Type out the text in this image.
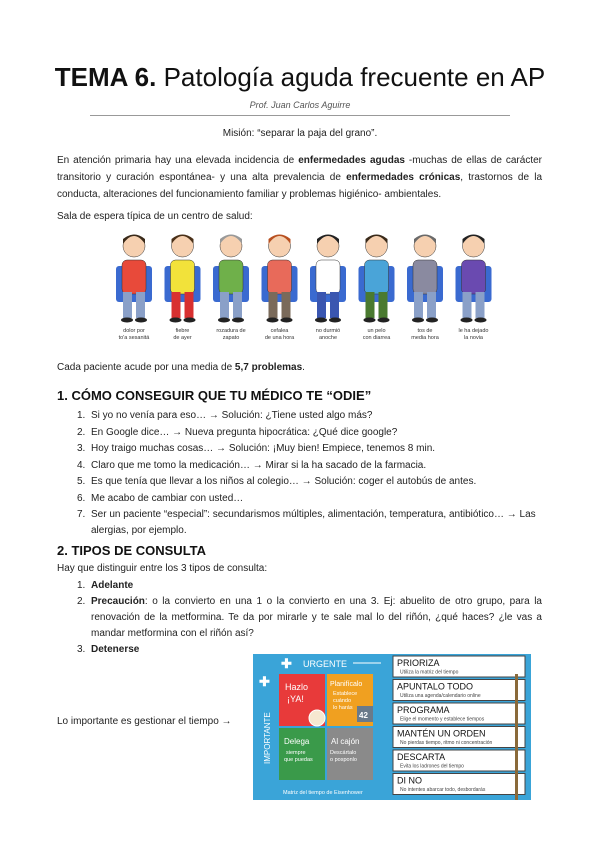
TEMA 6. Patología aguda frecuente en AP
Prof. Juan Carlos Aguirre
Misión: “separar la paja del grano”.
En atención primaria hay una elevada incidencia de enfermedades agudas -muchas de ellas de carácter transitorio y curación espontánea- y una alta prevalencia de enfermedades crónicas, trastornos de la conducta, alteraciones del funcionamiento familiar y problemas higiénico- ambientales.
Sala de espera típica de un centro de salud:
dolor por
to'a sesanitá
fiebre
de ayer
rozadura de
zapato
cefalea
de una hora
no durmió
anoche
un pelo
con diarrea
tos de
media hora
le ha dejado
la novia
Cada paciente acude por una media de 5,7 problemas.
1. CÓMO CONSEGUIR QUE TU MÉDICO TE “ODIE”
1. Si yo no venía para eso… → Solución: ¿Tiene usted algo más?
2. En Google dice… → Nueva pregunta hipocrática: ¿Qué dice google?
3. Hoy traigo muchas cosas… → Solución: ¡Muy bien! Empiece, tenemos 8 min.
4. Claro que me tomo la medicación… → Mirar si la ha sacado de la farmacia.
5. Es que tenía que llevar a los niños al colegio… → Solución: coger el autobús de antes.
6. Me acabo de cambiar con usted…
7. Ser un paciente “especial”: secundarismos múltiples, alimentación, temperatura, antibiótico… → Las alergias, por ejemplo.
2. TIPOS DE CONSULTA
Hay que distinguir entre los 3 tipos de consulta:
1. Adelante
2. Precaución: o la convierto en una 1 o la convierto en una 3. Ej: abuelito de otro grupo, para la renovación de la metformina. Te da por mirarle y te sale mal lo del riñón, ¿qué haces? ¿le vas a mandar metformina con el riñón así?
3. Detenerse
Lo importante es gestionar el tiempo →
✚ URGENTE
✚
IMPORTANTE
Hazlo
¡YA!
Planifícalo
Establece
cuándo
lo harás
42
Delega
siempre
que puedas
Al cajón
Descártalo
o posponlo
Matriz del tiempo de Eisenhower
PRIORIZA
Utiliza la matriz del tiempo
APUNTALO TODO
Utiliza una agenda/calendario online
PROGRAMA
Elige el momento y establece tiempos
MANTÉN UN ORDEN
No pierdas tiempo, ritmo ni concentración
DESCARTA
Evita los ladrones del tiempo
DI NO
No intentes abarcar todo, desbordarás
